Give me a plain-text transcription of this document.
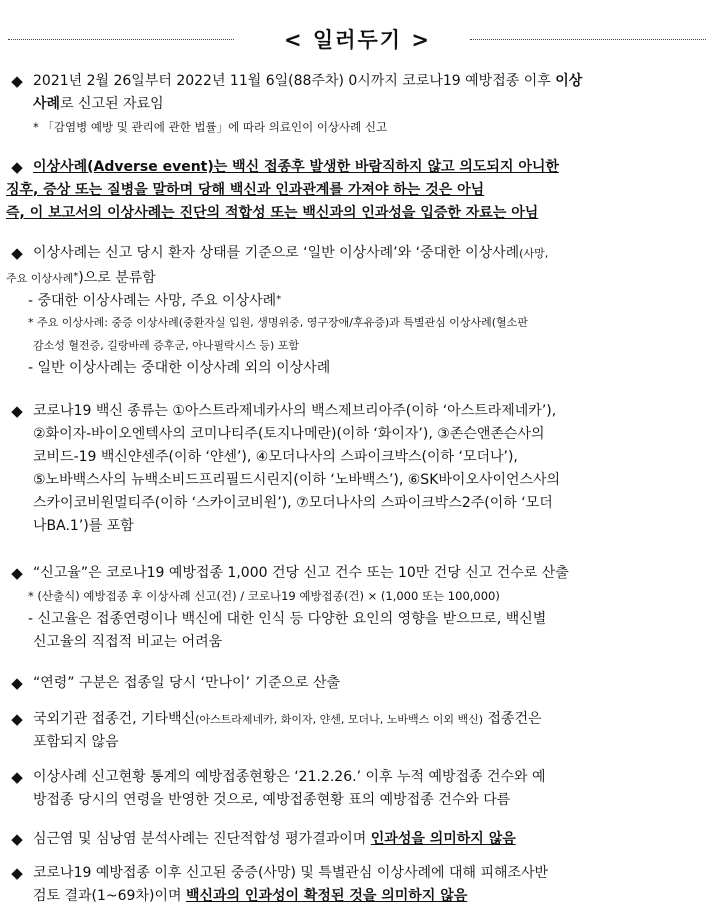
< 일러두기 >
◆ 2021년 2월 26일부터 2022년 11월 6일(88주차) 0시까지 코로나19 예방접종 이후 이상
사례로 신고된 자료임
* 「감염병 예방 및 관리에 관한 법률」에 따라 의료인이 이상사례 신고
◆ 이상사례(Adverse event)는 백신 접종후 발생한 바람직하지 않고 의도되지 아니한
징후, 증상 또는 질병을 말하며 당해 백신과 인과관계를 가져야 하는 것은 아님
즉, 이 보고서의 이상사례는 진단의 적합성 또는 백신과의 인과성을 입증한 자료는 아님
◆ 이상사례는 신고 당시 환자 상태를 기준으로 ‘일반 이상사례’와 ‘중대한 이상사례(사망,
주요 이상사례*)으로 분류함
- 중대한 이상사례는 사망, 주요 이상사례*
* 주요 이상사례: 중증 이상사례(중환자실 입원, 생명위중, 영구장애/후유증)과 특별관심 이상사례(혈소판
감소성 혈전증, 길랑바레 증후군, 아나필락시스 등) 포함
- 일반 이상사례는 중대한 이상사례 외의 이상사례
◆ 코로나19 백신 종류는 ①아스트라제네카사의 백스제브리아주(이하 ‘아스트라제네카’),
②화이자-바이오엔텍사의 코미나티주(토지나메란)(이하 ‘화이자’), ③존슨앤존슨사의
코비드-19 백신얀센주(이하 ‘얀센’), ④모더나사의 스파이크박스(이하 ‘모더나’),
⑤노바백스사의 뉴백소비드프리필드시린지(이하 ‘노바백스’), ⑥SK바이오사이언스사의
스카이코비원멀티주(이하 ‘스카이코비원’), ⑦모더나사의 스파이크박스2주(이하 ‘모더
나BA.1’)를 포함
◆ “신고율”은 코로나19 예방접종 1,000 건당 신고 건수 또는 10만 건당 신고 건수로 산출
* (산출식) 예방접종 후 이상사례 신고(건) / 코로나19 예방접종(건) × (1,000 또는 100,000)
- 신고율은 접종연령이나 백신에 대한 인식 등 다양한 요인의 영향을 받으므로, 백신별
신고율의 직접적 비교는 어려움
◆ “연령” 구분은 접종일 당시 ‘만나이’ 기준으로 산출
◆ 국외기관 접종건, 기타백신(아스트라제네카, 화이자, 얀센, 모더나, 노바백스 이외 백신) 접종건은
포함되지 않음
◆ 이상사례 신고현황 통계의 예방접종현황은 ‘21.2.26.’ 이후 누적 예방접종 건수와 예
방접종 당시의 연령을 반영한 것으로, 예방접종현황 표의 예방접종 건수와 다름
◆ 심근염 및 심낭염 분석사례는 진단적합성 평가결과이며 인과성을 의미하지 않음
◆ 코로나19 예방접종 이후 신고된 중증(사망) 및 특별관심 이상사례에 대해 피해조사반
검토 결과(1~69차)이며 백신과의 인과성이 확정된 것을 의미하지 않음
